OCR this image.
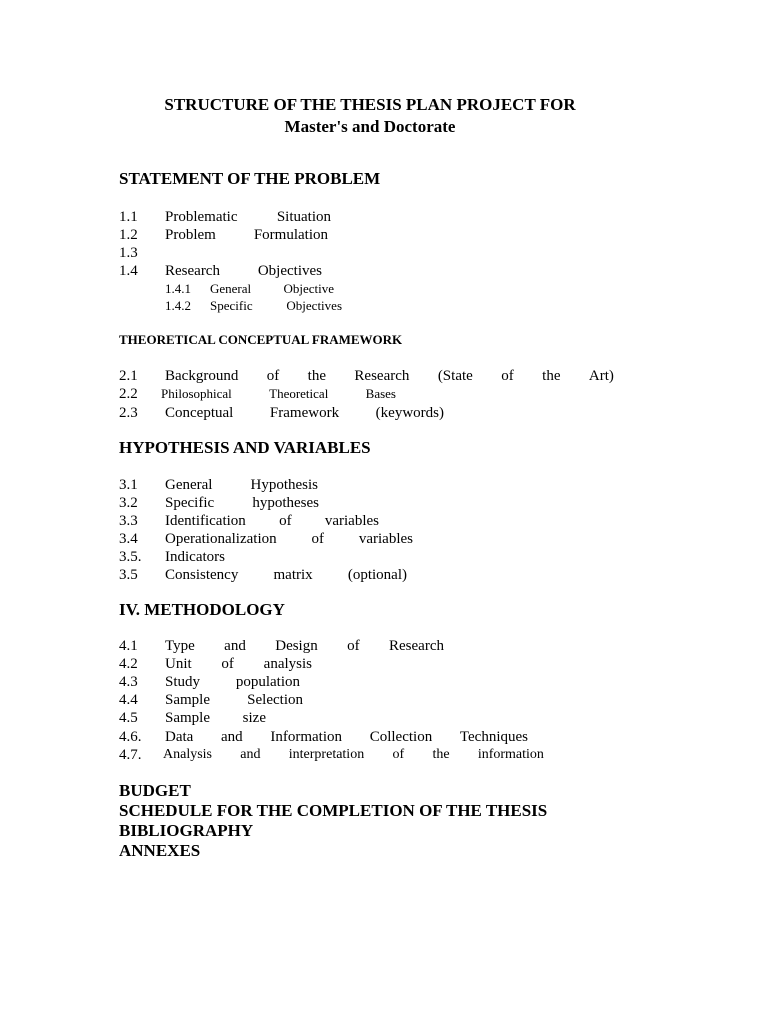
STRUCTURE OF THE THESIS PLAN PROJECT FOR
Master's and Doctorate
STATEMENT OF THE PROBLEM
1.1	Problematic	Situation
1.2	Problem	Formulation
1.3
1.4	Research	Objectives
1.4.1	General Objective
1.4.2	Specific	Objectives
THEORETICAL CONCEPTUAL FRAMEWORK
2.1	Background of the Research (State of the Art)
2.2	Philosophical	Theoretical	Bases
2.3	Conceptual Framework (keywords)
HYPOTHESIS AND VARIABLES
3.1	General	Hypothesis
3.2	Specific	hypotheses
3.3	Identification of variables
3.4	Operationalization of variables
3.5.	Indicators
3.5	Consistency matrix (optional)
IV. METHODOLOGY
4.1	Type and Design of Research
4.2	Unit of analysis
4.3	Study population
4.4	Sample Selection
4.5	Sample size
4.6.	Data and Information Collection Techniques
4.7.	Analysis and interpretation of the information
BUDGET
SCHEDULE FOR THE COMPLETION OF THE THESIS
BIBLIOGRAPHY
ANNEXES
